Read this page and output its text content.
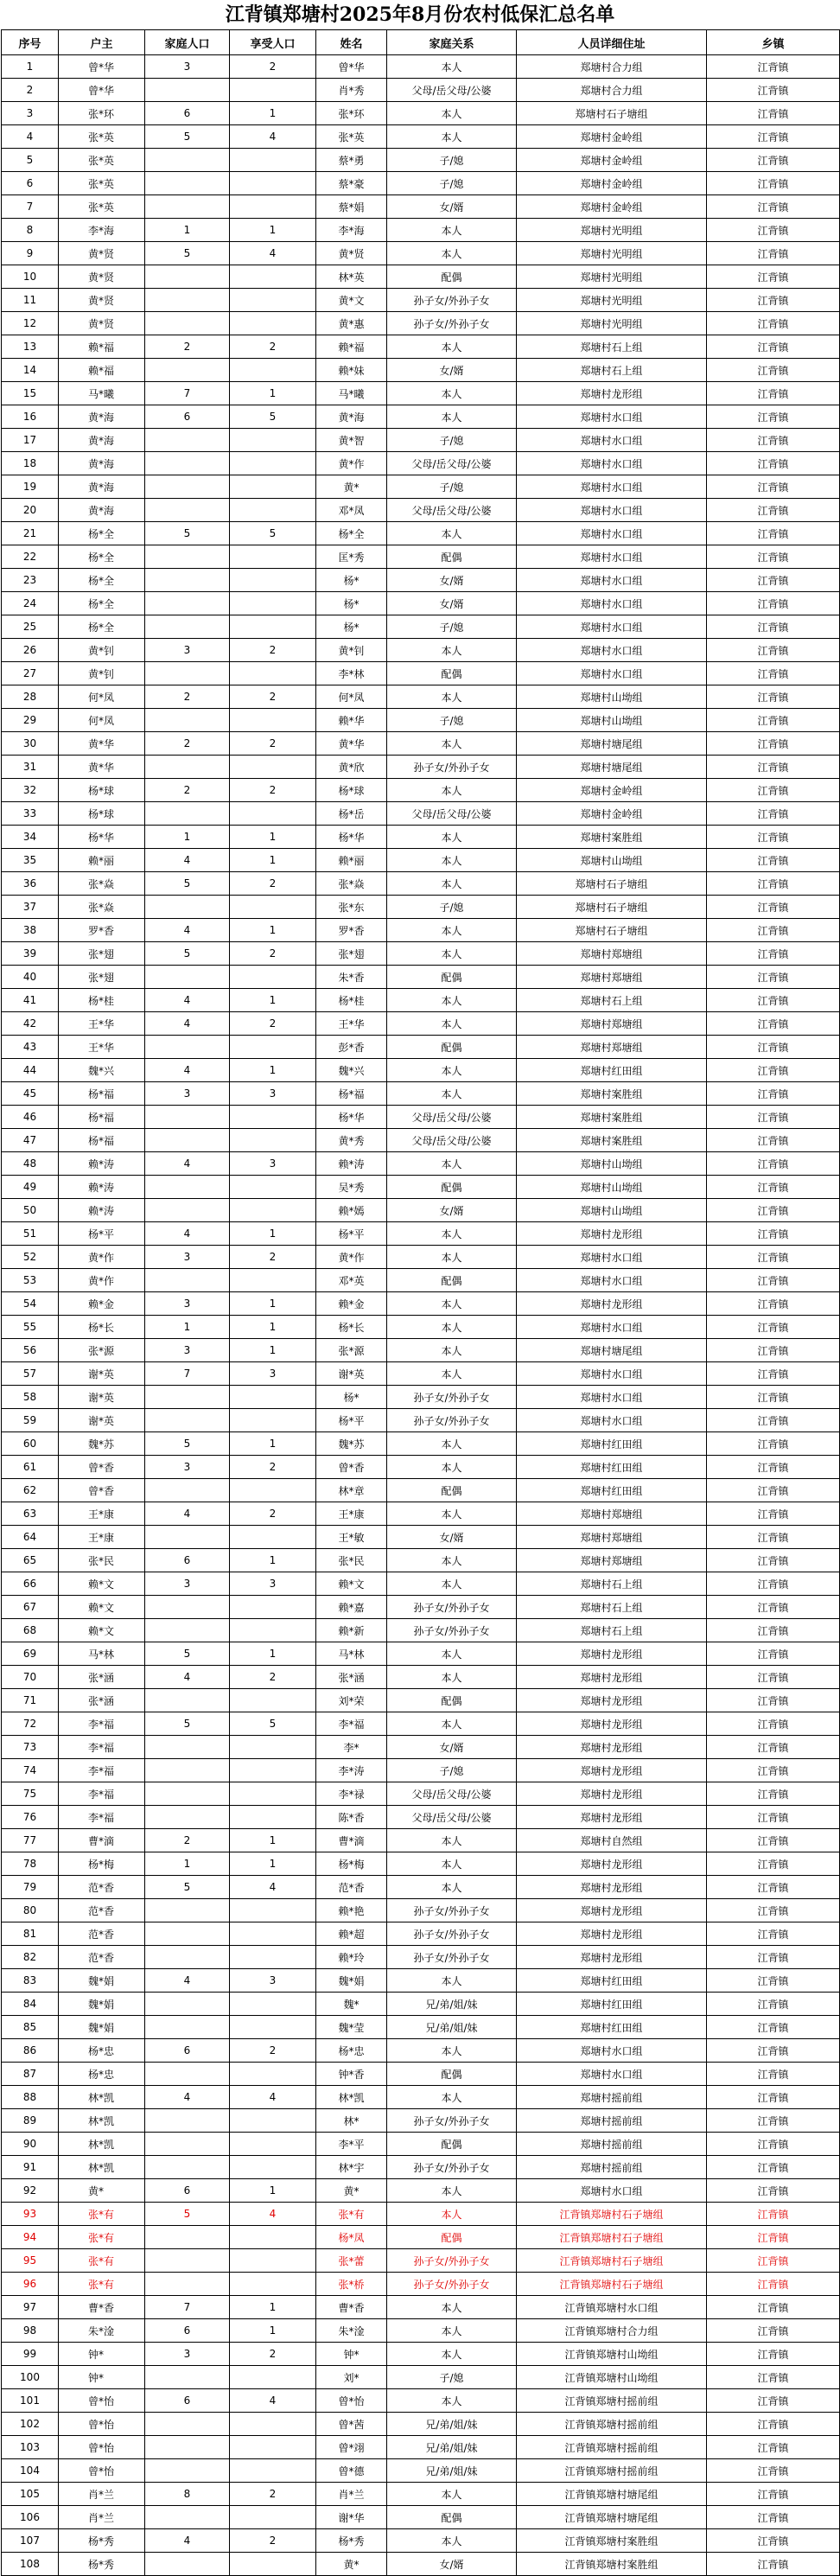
江背镇郑塘村2025年8月份农村低保汇总名单
序号	户主	家庭人口	享受人口	姓名	家庭关系	人员详细住址	乡镇
1	曾*华	3	2	曾*华	本人	郑塘村合力组	江背镇
2	曾*华			肖*秀	父母/岳父母/公婆	郑塘村合力组	江背镇
3	张*环	6	1	张*环	本人	郑塘村石子塘组	江背镇
4	张*英	5	4	张*英	本人	郑塘村金岭组	江背镇
5	张*英			蔡*勇	子/媳	郑塘村金岭组	江背镇
6	张*英			蔡*豪	子/媳	郑塘村金岭组	江背镇
7	张*英			蔡*娟	女/婿	郑塘村金岭组	江背镇
8	李*海	1	1	李*海	本人	郑塘村光明组	江背镇
9	黄*贤	5	4	黄*贤	本人	郑塘村光明组	江背镇
10	黄*贤			林*英	配偶	郑塘村光明组	江背镇
11	黄*贤			黄*文	孙子女/外孙子女	郑塘村光明组	江背镇
12	黄*贤			黄*惠	孙子女/外孙子女	郑塘村光明组	江背镇
13	赖*福	2	2	赖*福	本人	郑塘村石上组	江背镇
14	赖*福			赖*妹	女/婿	郑塘村石上组	江背镇
15	马*曦	7	1	马*曦	本人	郑塘村龙形组	江背镇
16	黄*海	6	5	黄*海	本人	郑塘村水口组	江背镇
17	黄*海			黄*智	子/媳	郑塘村水口组	江背镇
18	黄*海			黄*作	父母/岳父母/公婆	郑塘村水口组	江背镇
19	黄*海			黄*	子/媳	郑塘村水口组	江背镇
20	黄*海			邓*凤	父母/岳父母/公婆	郑塘村水口组	江背镇
21	杨*全	5	5	杨*全	本人	郑塘村水口组	江背镇
22	杨*全			匡*秀	配偶	郑塘村水口组	江背镇
23	杨*全			杨*	女/婿	郑塘村水口组	江背镇
24	杨*全			杨*	女/婿	郑塘村水口组	江背镇
25	杨*全			杨*	子/媳	郑塘村水口组	江背镇
26	黄*钊	3	2	黄*钊	本人	郑塘村水口组	江背镇
27	黄*钊			李*林	配偶	郑塘村水口组	江背镇
28	何*凤	2	2	何*凤	本人	郑塘村山坳组	江背镇
29	何*凤			赖*华	子/媳	郑塘村山坳组	江背镇
30	黄*华	2	2	黄*华	本人	郑塘村塘尾组	江背镇
31	黄*华			黄*欣	孙子女/外孙子女	郑塘村塘尾组	江背镇
32	杨*球	2	2	杨*球	本人	郑塘村金岭组	江背镇
33	杨*球			杨*岳	父母/岳父母/公婆	郑塘村金岭组	江背镇
34	杨*华	1	1	杨*华	本人	郑塘村案胜组	江背镇
35	赖*丽	4	1	赖*丽	本人	郑塘村山坳组	江背镇
36	张*焱	5	2	张*焱	本人	郑塘村石子塘组	江背镇
37	张*焱			张*东	子/媳	郑塘村石子塘组	江背镇
38	罗*香	4	1	罗*香	本人	郑塘村石子塘组	江背镇
39	张*翅	5	2	张*翅	本人	郑塘村郑塘组	江背镇
40	张*翅			朱*香	配偶	郑塘村郑塘组	江背镇
41	杨*桂	4	1	杨*桂	本人	郑塘村石上组	江背镇
42	王*华	4	2	王*华	本人	郑塘村郑塘组	江背镇
43	王*华			彭*香	配偶	郑塘村郑塘组	江背镇
44	魏*兴	4	1	魏*兴	本人	郑塘村红田组	江背镇
45	杨*福	3	3	杨*福	本人	郑塘村案胜组	江背镇
46	杨*福			杨*华	父母/岳父母/公婆	郑塘村案胜组	江背镇
47	杨*福			黄*秀	父母/岳父母/公婆	郑塘村案胜组	江背镇
48	赖*涛	4	3	赖*涛	本人	郑塘村山坳组	江背镇
49	赖*涛			吴*秀	配偶	郑塘村山坳组	江背镇
50	赖*涛			赖*嫣	女/婿	郑塘村山坳组	江背镇
51	杨*平	4	1	杨*平	本人	郑塘村龙形组	江背镇
52	黄*作	3	2	黄*作	本人	郑塘村水口组	江背镇
53	黄*作			邓*英	配偶	郑塘村水口组	江背镇
54	赖*金	3	1	赖*金	本人	郑塘村龙形组	江背镇
55	杨*长	1	1	杨*长	本人	郑塘村水口组	江背镇
56	张*源	3	1	张*源	本人	郑塘村塘尾组	江背镇
57	谢*英	7	3	谢*英	本人	郑塘村水口组	江背镇
58	谢*英			杨*	孙子女/外孙子女	郑塘村水口组	江背镇
59	谢*英			杨*平	孙子女/外孙子女	郑塘村水口组	江背镇
60	魏*苏	5	1	魏*苏	本人	郑塘村红田组	江背镇
61	曾*香	3	2	曾*香	本人	郑塘村红田组	江背镇
62	曾*香			林*章	配偶	郑塘村红田组	江背镇
63	王*康	4	2	王*康	本人	郑塘村郑塘组	江背镇
64	王*康			王*敏	女/婿	郑塘村郑塘组	江背镇
65	张*民	6	1	张*民	本人	郑塘村郑塘组	江背镇
66	赖*文	3	3	赖*文	本人	郑塘村石上组	江背镇
67	赖*文			赖*嘉	孙子女/外孙子女	郑塘村石上组	江背镇
68	赖*文			赖*新	孙子女/外孙子女	郑塘村石上组	江背镇
69	马*林	5	1	马*林	本人	郑塘村龙形组	江背镇
70	张*涵	4	2	张*涵	本人	郑塘村龙形组	江背镇
71	张*涵			刘*荣	配偶	郑塘村龙形组	江背镇
72	李*福	5	5	李*福	本人	郑塘村龙形组	江背镇
73	李*福			李*	女/婿	郑塘村龙形组	江背镇
74	李*福			李*涛	子/媳	郑塘村龙形组	江背镇
75	李*福			李*禄	父母/岳父母/公婆	郑塘村龙形组	江背镇
76	李*福			陈*香	父母/岳父母/公婆	郑塘村龙形组	江背镇
77	曹*滴	2	1	曹*滴	本人	郑塘村自然组	江背镇
78	杨*梅	1	1	杨*梅	本人	郑塘村龙形组	江背镇
79	范*香	5	4	范*香	本人	郑塘村龙形组	江背镇
80	范*香			赖*艳	孙子女/外孙子女	郑塘村龙形组	江背镇
81	范*香			赖*超	孙子女/外孙子女	郑塘村龙形组	江背镇
82	范*香			赖*玲	孙子女/外孙子女	郑塘村龙形组	江背镇
83	魏*娟	4	3	魏*娟	本人	郑塘村红田组	江背镇
84	魏*娟			魏*	兄/弟/姐/妹	郑塘村红田组	江背镇
85	魏*娟			魏*莹	兄/弟/姐/妹	郑塘村红田组	江背镇
86	杨*忠	6	2	杨*忠	本人	郑塘村水口组	江背镇
87	杨*忠			钟*香	配偶	郑塘村水口组	江背镇
88	林*凯	4	4	林*凯	本人	郑塘村摇前组	江背镇
89	林*凯			林*	孙子女/外孙子女	郑塘村摇前组	江背镇
90	林*凯			李*平	配偶	郑塘村摇前组	江背镇
91	林*凯			林*宇	孙子女/外孙子女	郑塘村摇前组	江背镇
92	黄*	6	1	黄*	本人	郑塘村水口组	江背镇
93	张*有	5	4	张*有	本人	江背镇郑塘村石子塘组	江背镇
94	张*有			杨*凤	配偶	江背镇郑塘村石子塘组	江背镇
95	张*有			张*蕾	孙子女/外孙子女	江背镇郑塘村石子塘组	江背镇
96	张*有			张*桥	孙子女/外孙子女	江背镇郑塘村石子塘组	江背镇
97	曹*香	7	1	曹*香	本人	江背镇郑塘村水口组	江背镇
98	朱*淦	6	1	朱*淦	本人	江背镇郑塘村合力组	江背镇
99	钟*	3	2	钟*	本人	江背镇郑塘村山坳组	江背镇
100	钟*			刘*	子/媳	江背镇郑塘村山坳组	江背镇
101	曾*怡	6	4	曾*怡	本人	江背镇郑塘村摇前组	江背镇
102	曾*怡			曾*茜	兄/弟/姐/妹	江背镇郑塘村摇前组	江背镇
103	曾*怡			曾*翊	兄/弟/姐/妹	江背镇郑塘村摇前组	江背镇
104	曾*怡			曾*德	兄/弟/姐/妹	江背镇郑塘村摇前组	江背镇
105	肖*兰	8	2	肖*兰	本人	江背镇郑塘村塘尾组	江背镇
106	肖*兰			谢*华	配偶	江背镇郑塘村塘尾组	江背镇
107	杨*秀	4	2	杨*秀	本人	江背镇郑塘村案胜组	江背镇
108	杨*秀			黄*	女/婿	江背镇郑塘村案胜组	江背镇
